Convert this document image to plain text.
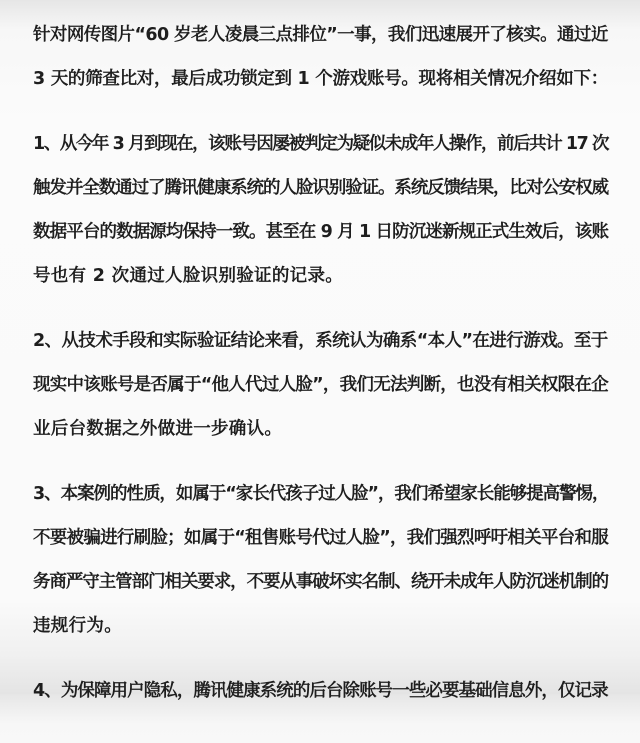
针对网传图片“60 岁老人凌晨三点排位”一事，我们迅速展开了核实。通过近
3 天的筛查比对，最后成功锁定到 1 个游戏账号。现将相关情况介绍如下：
1、从今年 3 月到现在，该账号因屡被判定为疑似未成年人操作，前后共计 17 次
触发并全数通过了腾讯健康系统的人脸识别验证。系统反馈结果，比对公安权威
数据平台的数据源均保持一致。甚至在 9 月 1 日防沉迷新规正式生效后，该账
号也有 2 次通过人脸识别验证的记录。
2、从技术手段和实际验证结论来看，系统认为确系“本人”在进行游戏。至于
现实中该账号是否属于“他人代过人脸”，我们无法判断，也没有相关权限在企
业后台数据之外做进一步确认。
3、本案例的性质，如属于“家长代孩子过人脸”，我们希望家长能够提高警惕，
不要被骗进行刷脸；如属于“租售账号代过人脸”，我们强烈呼吁相关平台和服
务商严守主管部门相关要求，不要从事破坏实名制、绕开未成年人防沉迷机制的
违规行为。
4、为保障用户隐私，腾讯健康系统的后台除账号一些必要基础信息外，仅记录
